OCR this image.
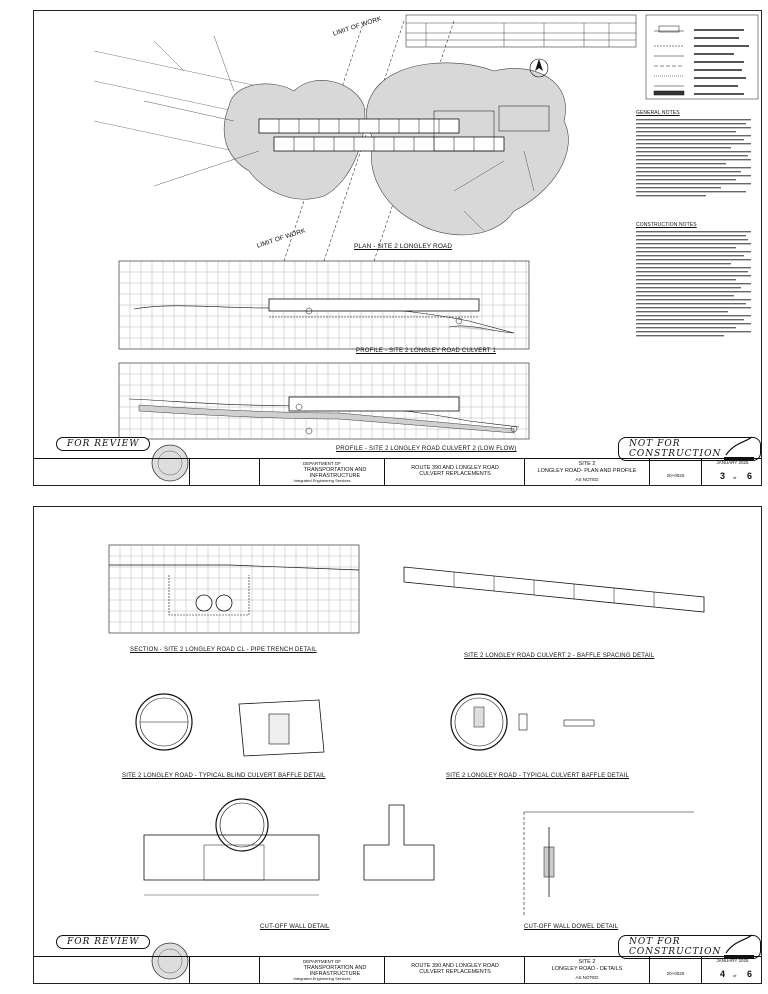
PLAN - SITE 2 LONGLEY ROAD
LIMIT OF WORK
LIMIT OF WORK
PROFILE - SITE 2 LONGLEY ROAD CULVERT 1
PROFILE - SITE 2 LONGLEY ROAD CULVERT 2 (LOW FLOW)
GENERAL NOTES
CONSTRUCTION NOTES
FOR REVIEW	NOT FOR CONSTRUCTION
DEPARTMENT OF
TRANSPORTATION AND INFRASTRUCTURE
Integrated Engineering Services
ROUTE 390 AND LONGLEY ROAD CULVERT REPLACEMENTS
SITE 2
LONGLEY ROAD- PLAN AND PROFILE
AS NOTED
20+0026
JANUARY 2025
3 of 6
SECTION - SITE 2 LONGLEY ROAD CL - PIPE TRENCH DETAIL
SITE 2 LONGLEY ROAD CULVERT 2 - BAFFLE SPACING DETAIL
SITE 2 LONGLEY ROAD - TYPICAL BLIND CULVERT BAFFLE DETAIL	SITE 2 LONGLEY ROAD - TYPICAL CULVERT BAFFLE DETAIL
CUT-OFF WALL DETAIL	CUT-OFF WALL DOWEL DETAIL
FOR REVIEW	NOT FOR CONSTRUCTION
DEPARTMENT OF
TRANSPORTATION AND INFRASTRUCTURE
Integrated Engineering Services
ROUTE 390 AND LONGLEY ROAD CULVERT REPLACEMENTS
SITE 2
LONGLEY ROAD - DETAILS
AS NOTED
20+0026
JANUARY 2025
4 of 6
